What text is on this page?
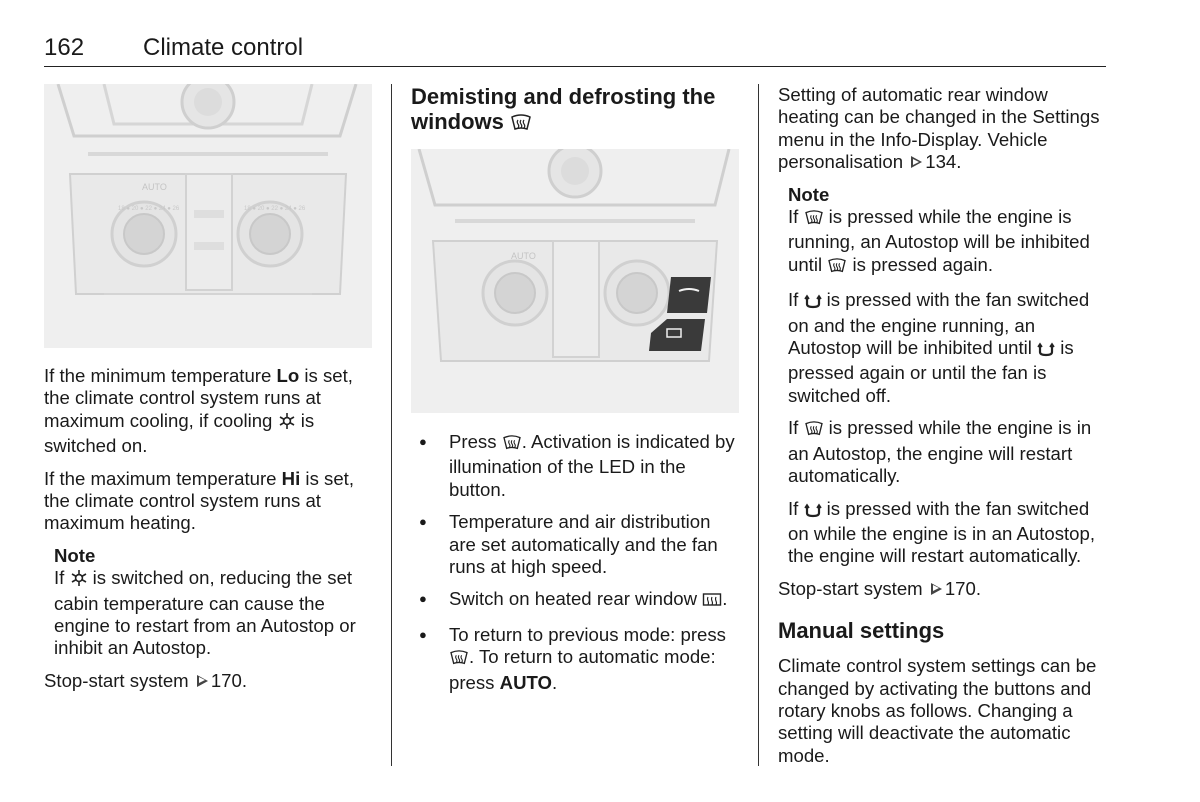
162 Climate control
AUTO
18 ● 20 ● 22 ● 24 ● 26	18 ● 20 ● 22 ● 24 ● 26

If the minimum temperature Lo is set, the climate control system runs at maximum cooling, if cooling  is switched on.

If the maximum temperature Hi is set, the climate control system runs at maximum heating.

Note

If  is switched on, reducing the set cabin temperature can cause the engine to restart from an Autostop or inhibit an Autostop.

Stop-start system 170.

Demisting and defrosting the windows
AUTO
● Press . Activation is indicated by illumination of the LED in the button.
● Temperature and air distribution are set automatically and the fan runs at high speed.
● Switch on heated rear window .
● To return to previous mode: press . To return to automatic mode: press AUTO.

Setting of automatic rear window heating can be changed in the Settings menu in the Info-Display. Vehicle personalisation 134.

Note

If  is pressed while the engine is running, an Autostop will be inhibited until  is pressed again.

If  is pressed with the fan switched on and the engine running, an Autostop will be inhibited until  is pressed again or until the fan is switched off.

If  is pressed while the engine is in an Autostop, the engine will restart automatically.

If  is pressed with the fan switched on while the engine is in an Autostop, the engine will restart automatically.

Stop-start system 170.

Manual settings

Climate control system settings can be changed by activating the buttons and rotary knobs as follows. Changing a setting will deactivate the automatic mode.
